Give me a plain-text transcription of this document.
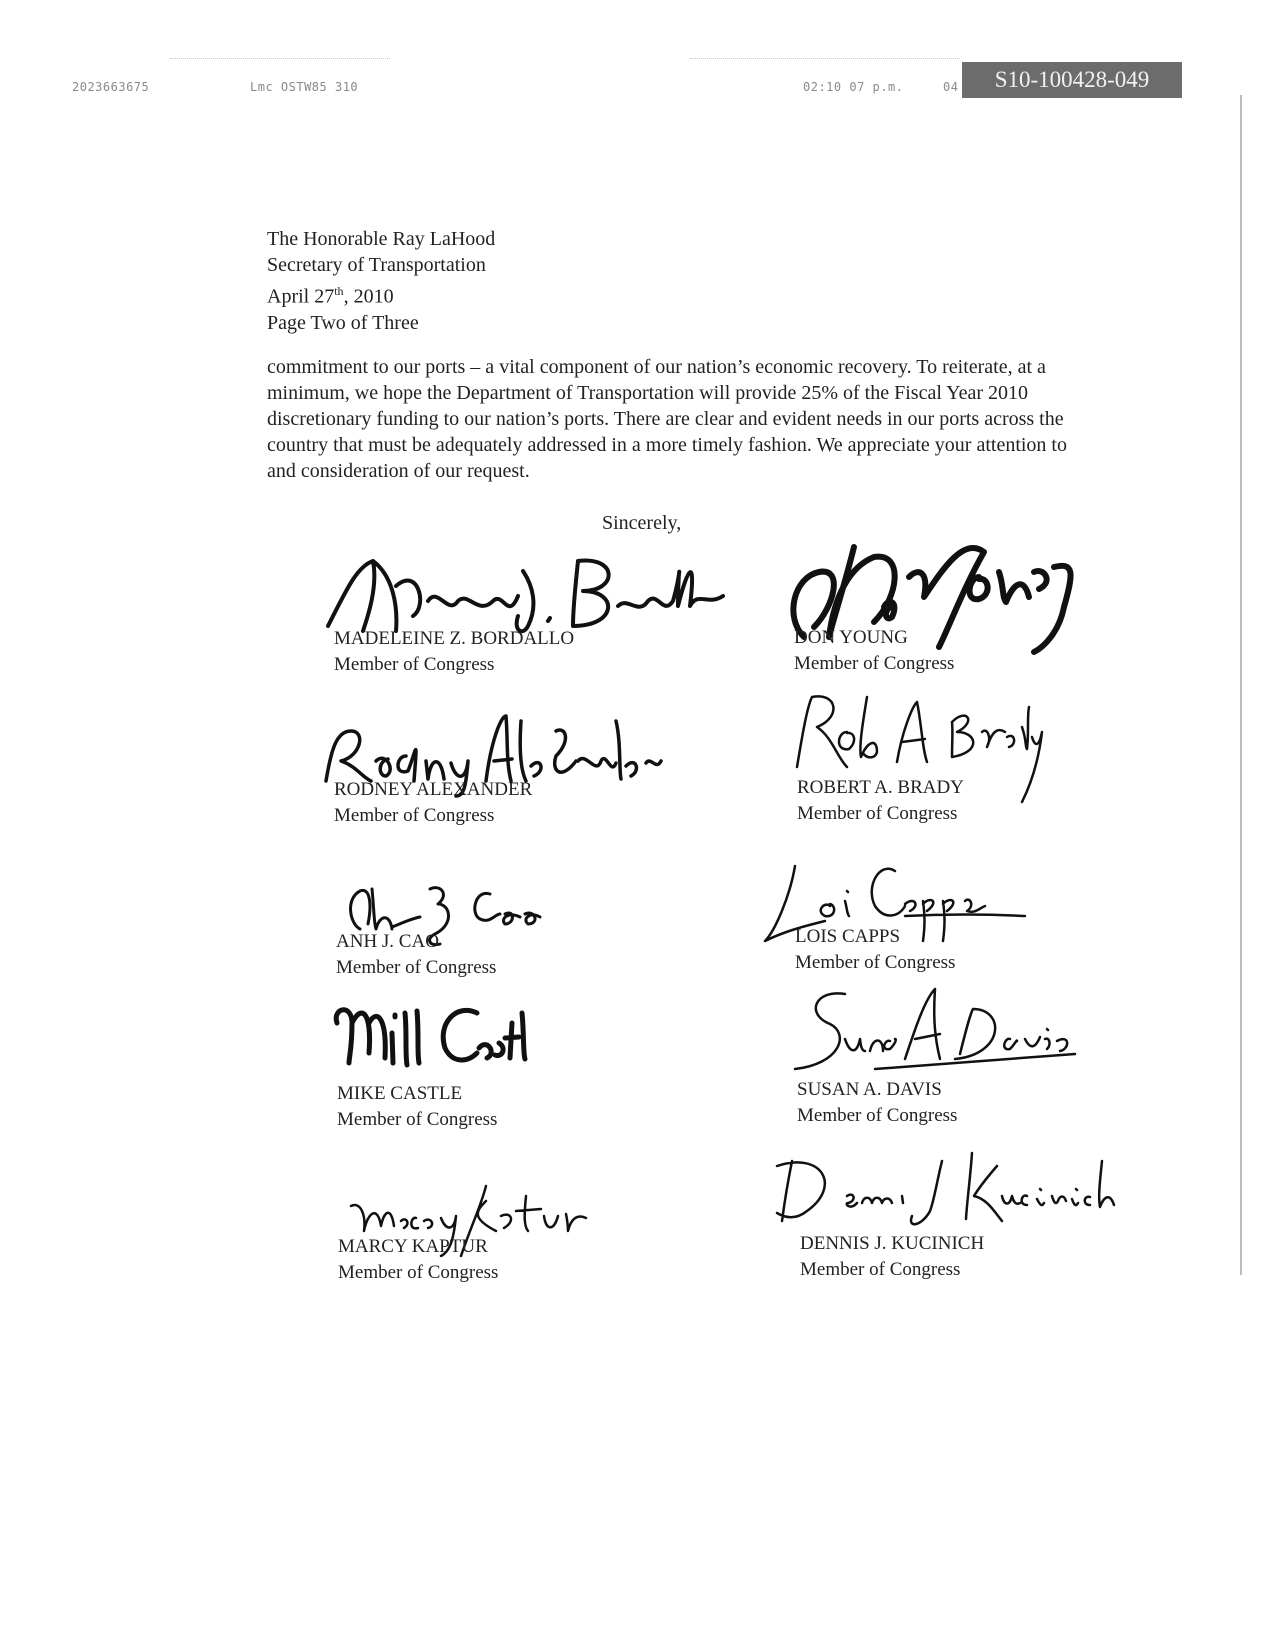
2023663675	Lmc OSTW85 310	02:10 07 p.m.	04	S10-100428-049
The Honorable Ray LaHood
Secretary of Transportation
April 27th, 2010
Page Two of Three

commitment to our ports – a vital component of our nation’s economic recovery. To reiterate, at a minimum, we hope the Department of Transportation will provide 25% of the Fiscal Year 2010 discretionary funding to our nation’s ports. There are clear and evident needs in our ports across the country that must be adequately addressed in a more timely fashion. We appreciate your attention to and consideration of our request.

Sincerely,
MADELEINE Z. BORDALLO
Member of Congress
RODNEY ALEXANDER
Member of Congress
ANH J. CAO
Member of Congress
MIKE CASTLE
Member of Congress
MARCY KAPTUR
Member of Congress
DON YOUNG
Member of Congress
ROBERT A. BRADY
Member of Congress
LOIS CAPPS
Member of Congress
SUSAN A. DAVIS
Member of Congress
DENNIS J. KUCINICH
Member of Congress
